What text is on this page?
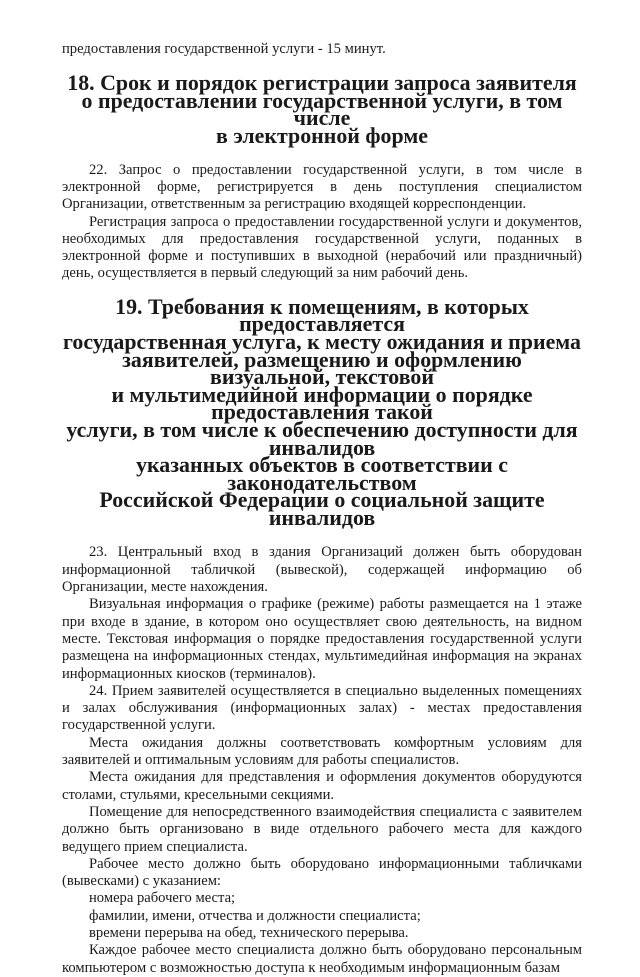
предоставления государственной услуги - 15 минут.

18. Срок и порядок регистрации запроса заявителя
о предоставлении государственной услуги, в том числе
в электронной форме

22. Запрос о предоставлении государственной услуги, в том числе в электронной форме, регистрируется в день поступления специалистом Организации, ответственным за регистрацию входящей корреспонденции.

Регистрация запроса о предоставлении государственной услуги и документов, необходимых для предоставления государственной услуги, поданных в электронной форме и поступивших в выходной (нерабочий или праздничный) день, осуществляется в первый следующий за ним рабочий день.

19. Требования к помещениям, в которых предоставляется
государственная услуга, к месту ожидания и приема
заявителей, размещению и оформлению визуальной, текстовой
и мультимедийной информации о порядке предоставления такой
услуги, в том числе к обеспечению доступности для инвалидов
указанных объектов в соответствии с законодательством
Российской Федерации о социальной защите инвалидов

23. Центральный вход в здания Организаций должен быть оборудован информационной табличкой (вывеской), содержащей информацию об Организации, месте нахождения.

Визуальная информация о графике (режиме) работы размещается на 1 этаже при входе в здание, в котором оно осуществляет свою деятельность, на видном месте. Текстовая информация о порядке предоставления государственной услуги размещена на информационных стендах, мультимедийная информация на экранах информационных киосков (терминалов).

24. Прием заявителей осуществляется в специально выделенных помещениях и залах обслуживания (информационных залах) - местах предоставления государственной услуги.

Места ожидания должны соответствовать комфортным условиям для заявителей и оптимальным условиям для работы специалистов.

Места ожидания для представления и оформления документов оборудуются столами, стульями, кресельными секциями.

Помещение для непосредственного взаимодействия специалиста с заявителем должно быть организовано в виде отдельного рабочего места для каждого ведущего прием специалиста.

Рабочее место должно быть оборудовано информационными табличками (вывесками) с указанием:

номера рабочего места;

фамилии, имени, отчества и должности специалиста;

времени перерыва на обед, технического перерыва.

Каждое рабочее место специалиста должно быть оборудовано персональным компьютером с возможностью доступа к необходимым информационным базам
